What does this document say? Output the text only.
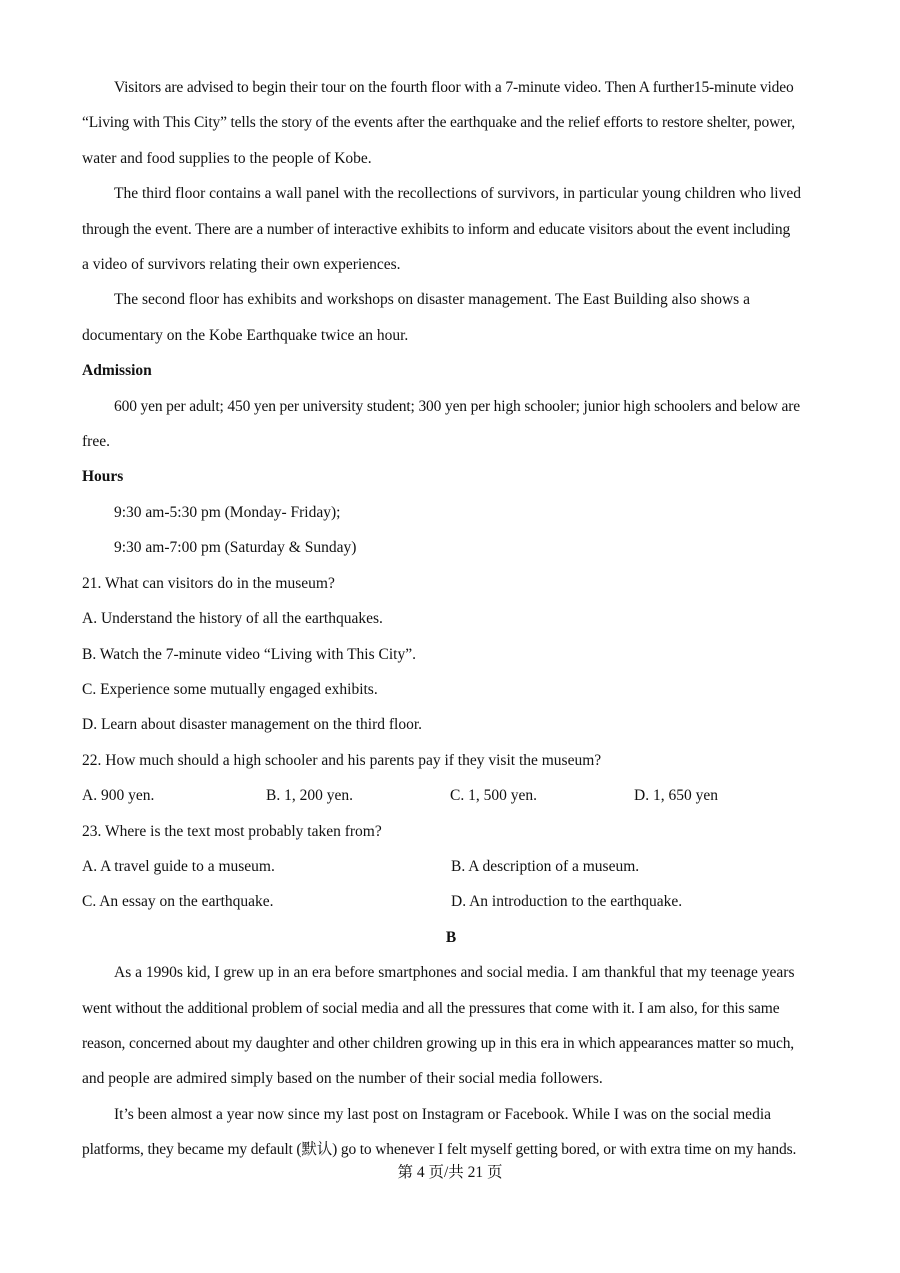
Visitors are advised to begin their tour on the fourth floor with a 7-minute video. Then A further15-minute video
“Living with This City” tells the story of the events after the earthquake and the relief efforts to restore shelter, power,
water and food supplies to the people of Kobe.
The third floor contains a wall panel with the recollections of survivors, in particular young children who lived
through the event. There are a number of interactive exhibits to inform and educate visitors about the event including
a video of survivors relating their own experiences.
The second floor has exhibits and workshops on disaster management. The East Building also shows a
documentary on the Kobe Earthquake twice an hour.
Admission
600 yen per adult; 450 yen per university student; 300 yen per high schooler; junior high schoolers and below are
free.
Hours
9:30 am-5:30 pm (Monday- Friday);
9:30 am-7:00 pm (Saturday & Sunday)
21. What can visitors do in the museum?
A. Understand the history of all the earthquakes.
B. Watch the 7-minute video “Living with This City”.
C. Experience some mutually engaged exhibits.
D. Learn about disaster management on the third floor.
22. How much should a high schooler and his parents pay if they visit the museum?
A. 900 yen.	B. 1, 200 yen.	C. 1, 500 yen.	D. 1, 650 yen
23. Where is the text most probably taken from?
A. A travel guide to a museum.	B. A description of a museum.
C. An essay on the earthquake.	D. An introduction to the earthquake.
B
As a 1990s kid, I grew up in an era before smartphones and social media. I am thankful that my teenage years
went without the additional problem of social media and all the pressures that come with it. I am also, for this same
reason, concerned about my daughter and other children growing up in this era in which appearances matter so much,
and people are admired simply based on the number of their social media followers.
It’s been almost a year now since my last post on Instagram or Facebook. While I was on the social media
platforms, they became my default (默认) go to whenever I felt myself getting bored, or with extra time on my hands.
第 4 页/共 21 页
